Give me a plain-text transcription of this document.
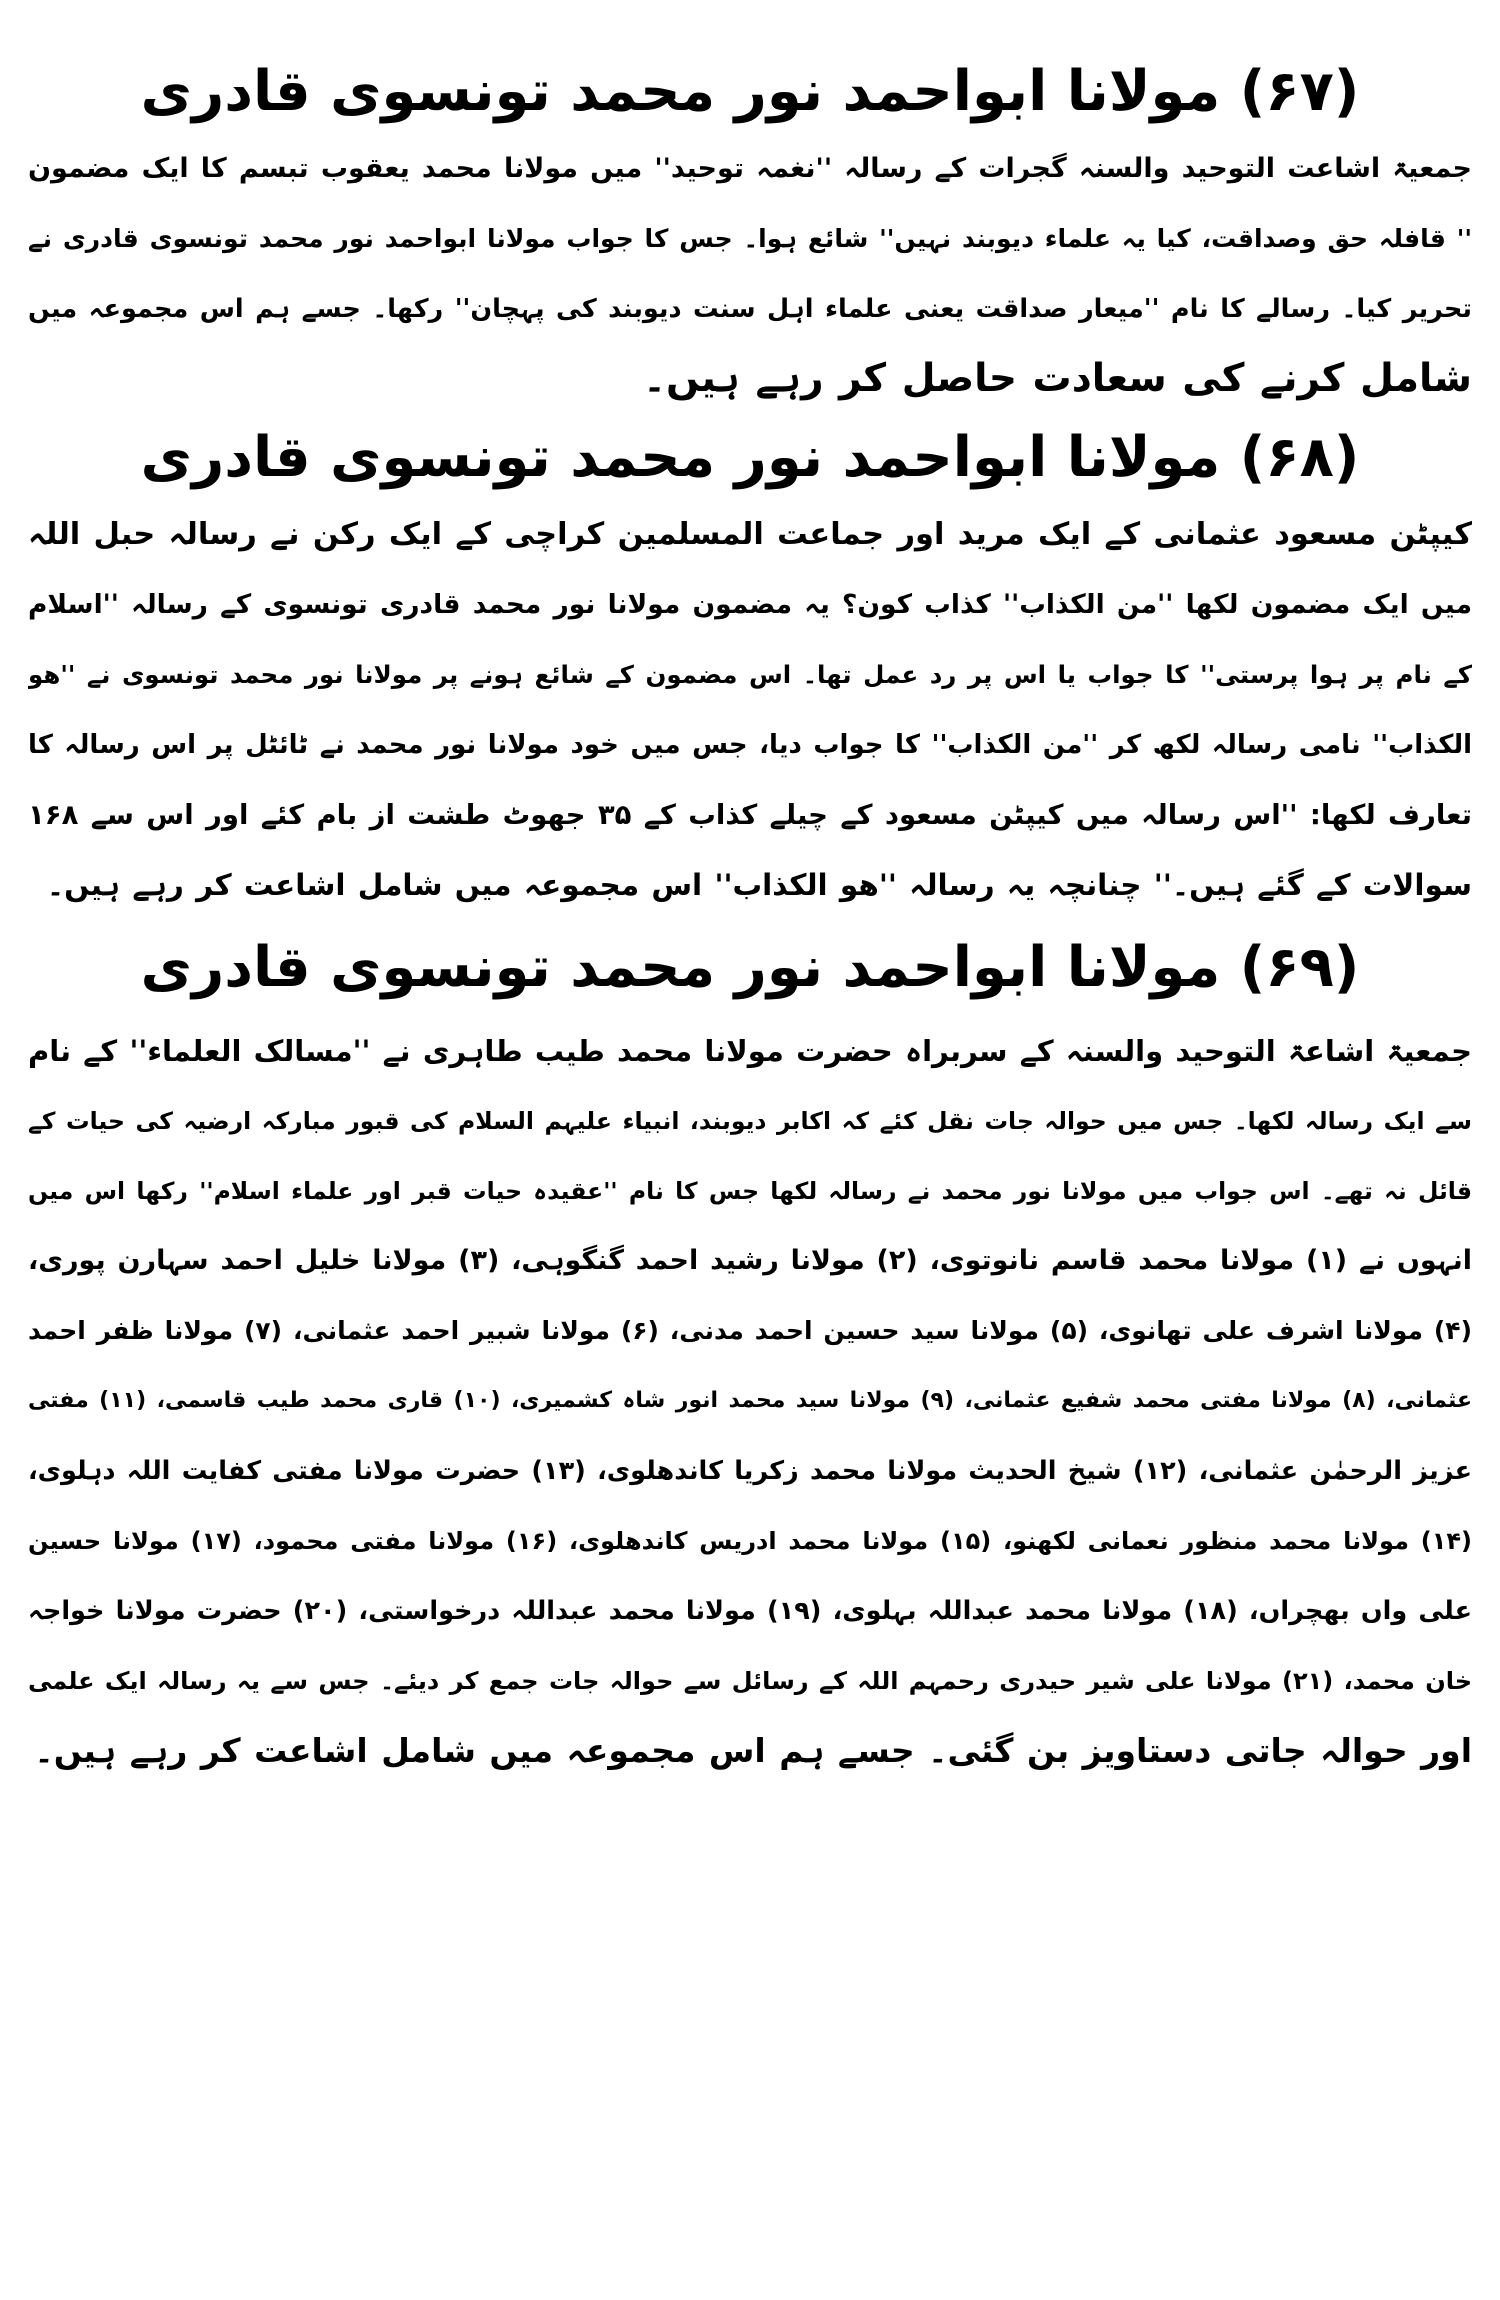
(۶۷) مولانا ابواحمد نور محمد تونسوی قادری
جمعیۃ اشاعت التوحید والسنہ گجرات کے رسالہ ''نغمہ توحید'' میں مولانا محمد یعقوب تبسم کا ایک مضمون
'' قافلہ حق وصداقت، کیا یہ علماء دیوبند نہیں'' شائع ہوا۔ جس کا جواب مولانا ابواحمد نور محمد تونسوی قادری نے
تحریر کیا۔ رسالے کا نام ''میعار صداقت یعنی علماء اہل سنت دیوبند کی پہچان'' رکھا۔ جسے ہم اس مجموعہ میں
شامل کرنے کی سعادت حاصل کر رہے ہیں۔
(۶۸) مولانا ابواحمد نور محمد تونسوی قادری
کیپٹن مسعود عثمانی کے ایک مرید اور جماعت المسلمین کراچی کے ایک رکن نے رسالہ حبل اللہ
میں ایک مضمون لکھا ''من الکذاب'' کذاب کون؟ یہ مضمون مولانا نور محمد قادری تونسوی کے رسالہ ''اسلام
کے نام پر ہوا پرستی'' کا جواب یا اس پر رد عمل تھا۔ اس مضمون کے شائع ہونے پر مولانا نور محمد تونسوی نے ''ھو
الکذاب'' نامی رسالہ لکھ کر ''من الکذاب'' کا جواب دیا، جس میں خود مولانا نور محمد نے ٹائٹل پر اس رسالہ کا
تعارف لکھا: ''اس رسالہ میں کیپٹن مسعود کے چیلے کذاب کے ۳۵ جھوٹ طشت از بام کئے اور اس سے ۱۶۸
سوالات کے گئے ہیں۔'' چنانچہ یہ رسالہ ''ھو الکذاب'' اس مجموعہ میں شامل اشاعت کر رہے ہیں۔
(۶۹) مولانا ابواحمد نور محمد تونسوی قادری
جمعیۃ اشاعۃ التوحید والسنہ کے سربراہ حضرت مولانا محمد طیب طاہری نے ''مسالک العلماء'' کے نام
سے ایک رسالہ لکھا۔ جس میں حوالہ جات نقل کئے کہ اکابر دیوبند، انبیاء علیہم السلام کی قبور مبارکہ ارضیہ کی حیات کے
قائل نہ تھے۔ اس جواب میں مولانا نور محمد نے رسالہ لکھا جس کا نام ''عقیدہ حیات قبر اور علماء اسلام'' رکھا اس میں
انہوں نے (۱) مولانا محمد قاسم نانوتوی، (۲) مولانا رشید احمد گنگوہی، (۳) مولانا خلیل احمد سہارن پوری،
(۴) مولانا اشرف علی تھانوی، (۵) مولانا سید حسین احمد مدنی، (۶) مولانا شبیر احمد عثمانی، (۷) مولانا ظفر احمد
عثمانی، (۸) مولانا مفتی محمد شفیع عثمانی، (۹) مولانا سید محمد انور شاہ کشمیری، (۱۰) قاری محمد طیب قاسمی، (۱۱) مفتی
عزیز الرحمٰن عثمانی، (۱۲) شیخ الحدیث مولانا محمد زکریا کاندھلوی، (۱۳) حضرت مولانا مفتی کفایت اللہ دہلوی،
(۱۴) مولانا محمد منظور نعمانی لکھنو، (۱۵) مولانا محمد ادریس کاندھلوی، (۱۶) مولانا مفتی محمود، (۱۷) مولانا حسین
علی واں بھچراں، (۱۸) مولانا محمد عبداللہ بہلوی، (۱۹) مولانا محمد عبداللہ درخواستی، (۲۰) حضرت مولانا خواجہ
خان محمد، (۲۱) مولانا علی شیر حیدری رحمہم اللہ کے رسائل سے حوالہ جات جمع کر دیئے۔ جس سے یہ رسالہ ایک علمی
اور حوالہ جاتی دستاویز بن گئی۔ جسے ہم اس مجموعہ میں شامل اشاعت کر رہے ہیں۔
